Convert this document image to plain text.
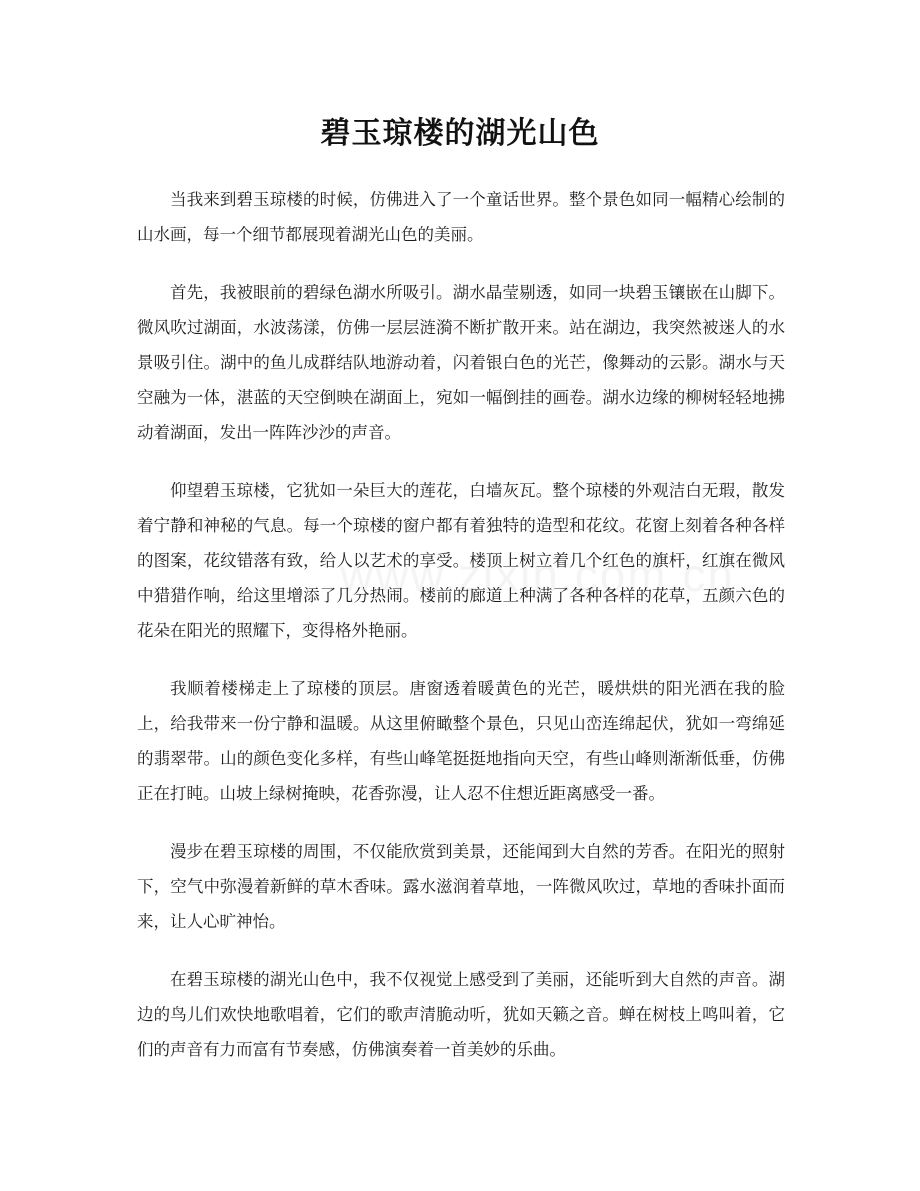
碧玉琼楼的湖光山色

当我来到碧玉琼楼的时候，仿佛进入了一个童话世界。整个景色如同一幅精心绘制的山水画，每一个细节都展现着湖光山色的美丽。

首先，我被眼前的碧绿色湖水所吸引。湖水晶莹剔透，如同一块碧玉镶嵌在山脚下。微风吹过湖面，水波荡漾，仿佛一层层涟漪不断扩散开来。站在湖边，我突然被迷人的水景吸引住。湖中的鱼儿成群结队地游动着，闪着银白色的光芒，像舞动的云影。湖水与天空融为一体，湛蓝的天空倒映在湖面上，宛如一幅倒挂的画卷。湖水边缘的柳树轻轻地拂动着湖面，发出一阵阵沙沙的声音。

仰望碧玉琼楼，它犹如一朵巨大的莲花，白墙灰瓦。整个琼楼的外观洁白无瑕，散发着宁静和神秘的气息。每一个琼楼的窗户都有着独特的造型和花纹。花窗上刻着各种各样的图案，花纹错落有致，给人以艺术的享受。楼顶上树立着几个红色的旗杆，红旗在微风中猎猎作响，给这里增添了几分热闹。楼前的廊道上种满了各种各样的花草，五颜六色的花朵在阳光的照耀下，变得格外艳丽。

我顺着楼梯走上了琼楼的顶层。唐窗透着暖黄色的光芒，暖烘烘的阳光洒在我的脸上，给我带来一份宁静和温暖。从这里俯瞰整个景色，只见山峦连绵起伏，犹如一弯绵延的翡翠带。山的颜色变化多样，有些山峰笔挺挺地指向天空，有些山峰则渐渐低垂，仿佛正在打盹。山坡上绿树掩映，花香弥漫，让人忍不住想近距离感受一番。

漫步在碧玉琼楼的周围，不仅能欣赏到美景，还能闻到大自然的芳香。在阳光的照射下，空气中弥漫着新鲜的草木香味。露水滋润着草地，一阵微风吹过，草地的香味扑面而来，让人心旷神怡。

在碧玉琼楼的湖光山色中，我不仅视觉上感受到了美丽，还能听到大自然的声音。湖边的鸟儿们欢快地歌唱着，它们的歌声清脆动听，犹如天籁之音。蝉在树枝上鸣叫着，它们的声音有力而富有节奏感，仿佛演奏着一首美妙的乐曲。
